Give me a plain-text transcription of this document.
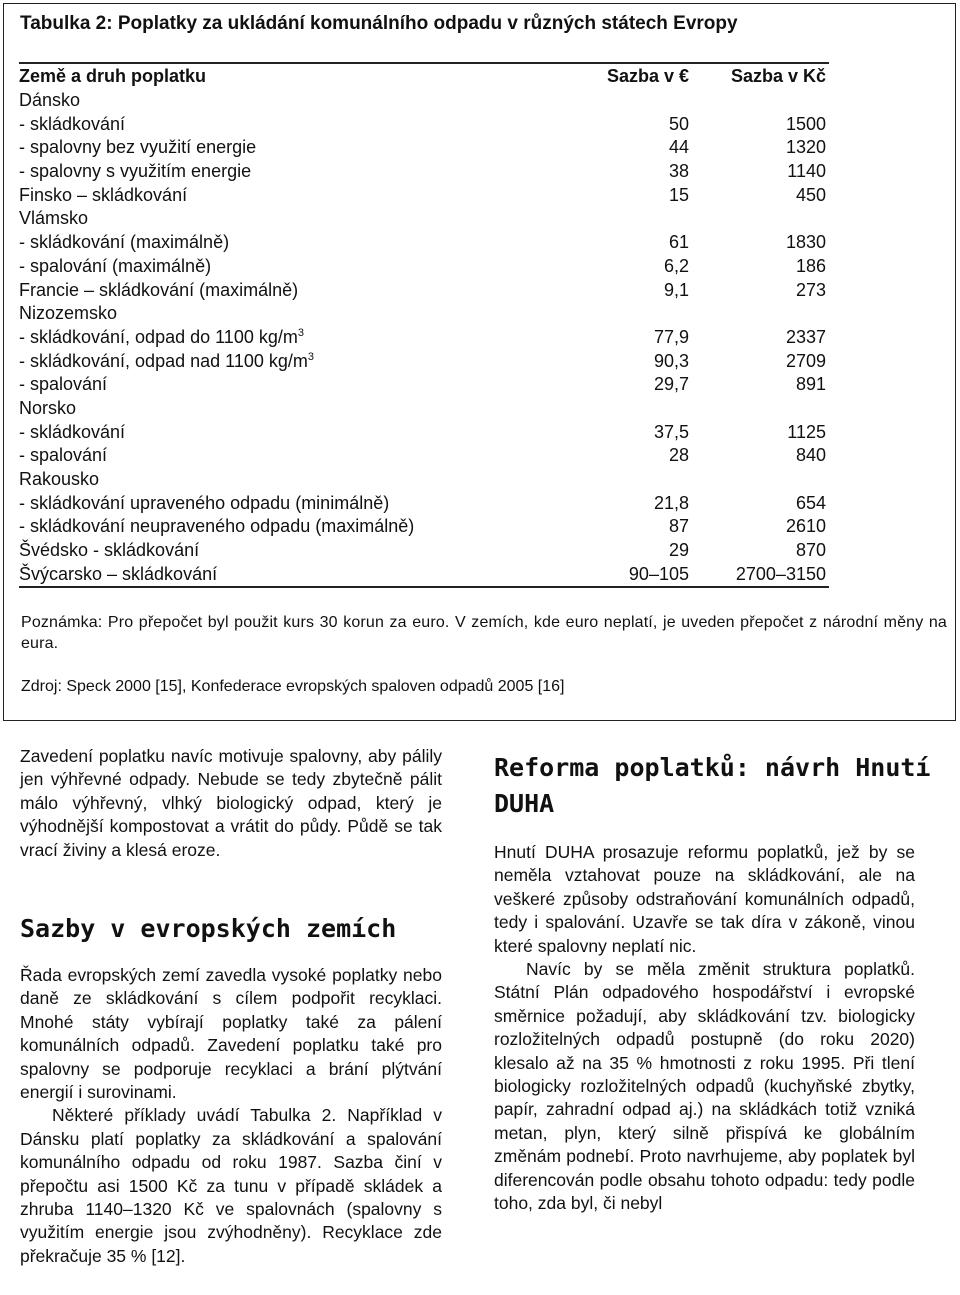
Tabulka 2: Poplatky za ukládání komunálního odpadu v různých státech Evropy
Země a druh poplatku	Sazba v € Sazba v Kč
Dánsko
- skládkování	50	1500
- spalovny bez využití energie	44	1320
- spalovny s využitím energie	38	1140
Finsko – skládkování	15	450
Vlámsko
- skládkování (maximálně)	61	1830
- spalování (maximálně)	6,2	186
Francie – skládkování (maximálně)	9,1	273
Nizozemsko
- skládkování, odpad do 1100 $kg/m^3$	77,9	2337
- skládkování, odpad nad 1100 $kg/m^3$	90,3	2709
- spalování	29,7	891
Norsko
- skládkování	37,5	1125
- spalování	28	840
Rakousko
- skládkování upraveného odpadu (minimálně)	21,8	654
- skládkování neupraveného odpadu (maximálně)	87	2610
Švédsko - skládkování	29	870
Švýcarsko – skládkování	90–105	2700–3150
Poznámka: Pro přepočet byl použit kurs 30 korun za euro. V zemích, kde euro neplatí, je uveden přepočet z národní měny na eura.
Zdroj: Speck 2000 [15], Konfederace evropských spaloven odpadů 2005 [16]

Zavedení poplatku navíc motivuje spalovny, aby pálily jen výhřevné odpady. Nebude se tedy zbytečně pálit málo výhřevný, vlhký biologický odpad, který je výhodnější kompostovat a vrátit do půdy. Půdě se tak vrací živiny a klesá eroze.

Sazby v evropských zemích

Řada evropských zemí zavedla vysoké poplatky nebo daně ze skládkování s cílem podpořit recyklaci. Mnohé státy vybírají poplatky také za pálení komunálních odpadů. Zavedení poplatku také pro spalovny se podporuje recyklaci a brání plýtvání energií i surovinami.

Některé příklady uvádí Tabulka 2. Například v Dánsku platí poplatky za skládkování a spalování komunálního odpadu od roku 1987. Sazba činí v přepočtu asi 1500 Kč za tunu v případě skládek a zhruba 1140–1320 Kč ve spalovnách (spalovny s využitím energie jsou zvýhodněny). Recyklace zde překračuje 35 % [12].

Reforma poplatků: návrh Hnutí DUHA

Hnutí DUHA prosazuje reformu poplatků, jež by se neměla vztahovat pouze na skládkování, ale na veškeré způsoby odstraňování komunálních odpadů, tedy i spalování. Uzavře se tak díra v zákoně, vinou které spalovny neplatí nic.

Navíc by se měla změnit struktura poplatků. Státní Plán odpadového hospodářství i evropské směrnice požadují, aby skládkování tzv. biologicky rozložitelných odpadů postupně (do roku 2020) klesalo až na 35 % hmotnosti z roku 1995. Při tlení biologicky rozložitelných odpadů (kuchyňské zbytky, papír, zahradní odpad aj.) na skládkách totiž vzniká metan, plyn, který silně přispívá ke globálním změnám podnebí. Proto navrhujeme, aby poplatek byl diferencován podle obsahu tohoto odpadu: tedy podle toho, zda byl, či nebyl
